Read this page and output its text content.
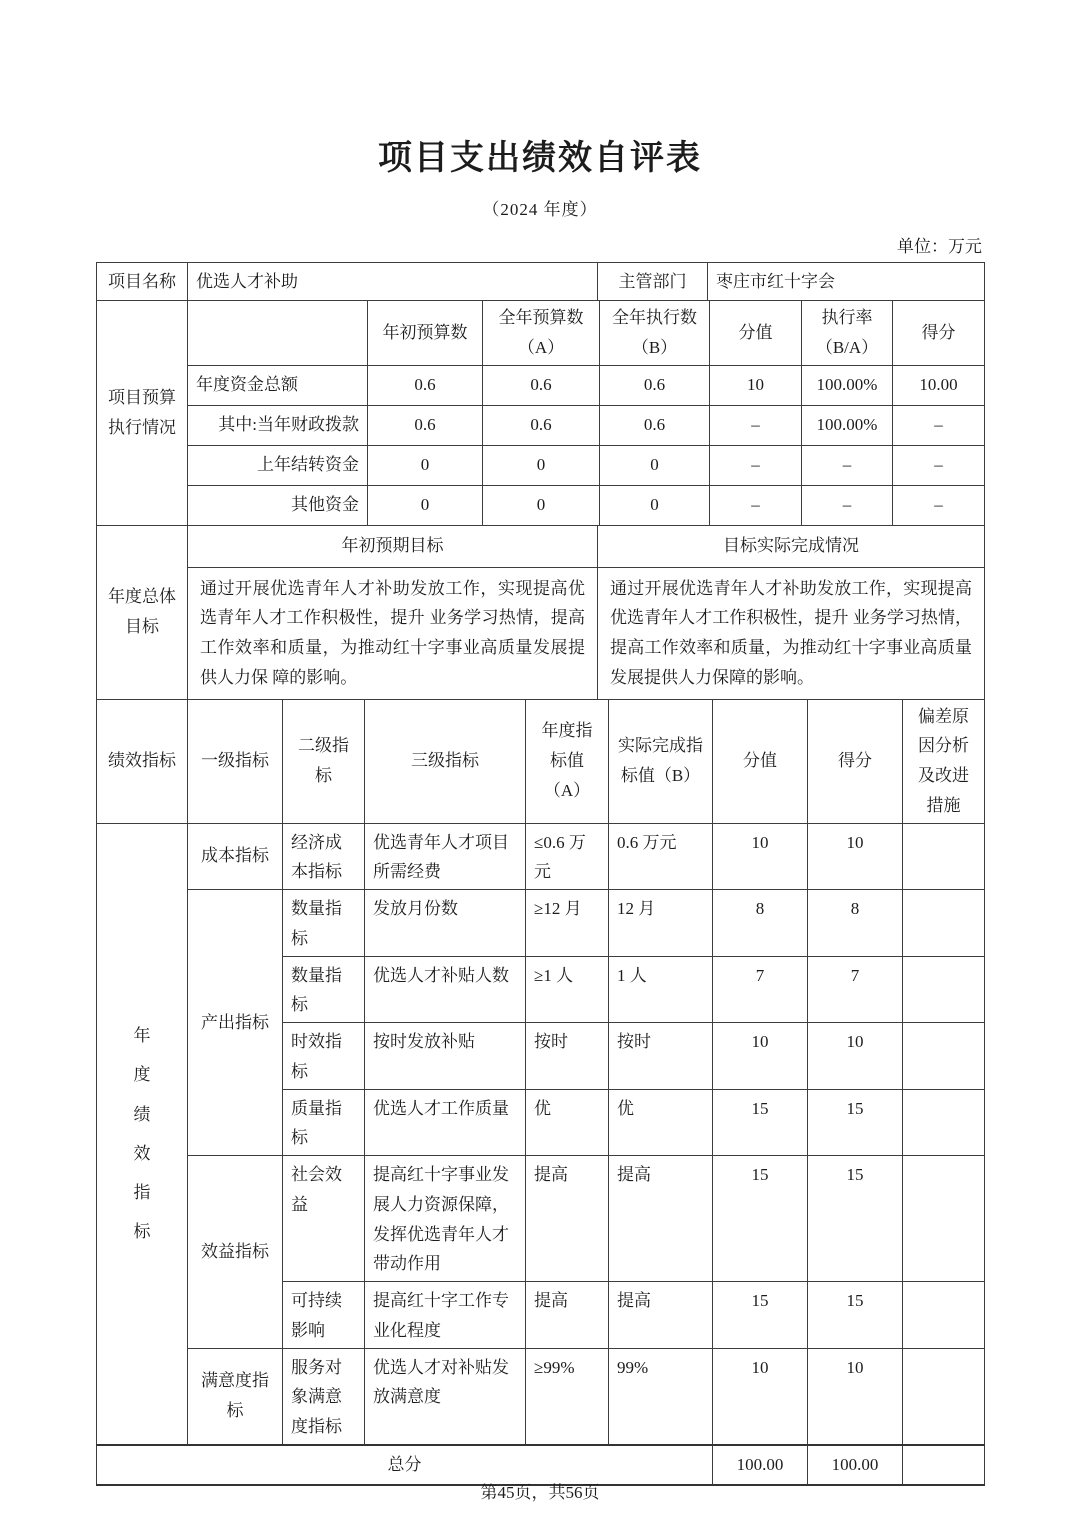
项目支出绩效自评表
（2024 年度）
单位：万元
项目名称	优选人才补助	主管部门	枣庄市红十字会
项目预算执行情况		年初预算数	全年预算数（A）	全年执行数（B）	分值	执行率（B/A）	得分
	年度资金总额	0.6	0.6	0.6	10	100.00%	10.00
	其中:当年财政拨款	0.6	0.6	0.6	–	100.00%	–
	上年结转资金	0	0	0	–	–	–
	其他资金	0	0	0	–	–	–
年度总体目标	年初预期目标	目标实际完成情况
	通过开展优选青年人才补助发放工作，实现提高优选青年人才工作积极性，提升 业务学习热情，提高工作效率和质量，为推动红十字事业高质量发展提供人力保 障的影响。	通过开展优选青年人才补助发放工作，实现提高优选青年人才工作积极性，提升 业务学习热情，提高工作效率和质量，为推动红十字事业高质量发展提供人力保障的影响。
绩效指标	一级指标	二级指标	三级指标	年度指标值（A）	实际完成指标值（B）	分值	得分	偏差原因分析及改进措施

年度绩效指标	成本指标	经济成本指标	优选青年人才项目所需经费	≤0.6 万元	0.6 万元	10	10	
	产出指标	数量指标	发放月份数	≥12 月	12 月	8	8	
		数量指标	优选人才补贴人数	≥1 人	1 人	7	7	
		时效指标	按时发放补贴	按时	按时	10	10	
		质量指标	优选人才工作质量	优	优	15	15	
	效益指标	社会效益	提高红十字事业发展人力资源保障，发挥优选青年人才带动作用	提高	提高	15	15	
		可持续影响	提高红十字工作专业化程度	提高	提高	15	15	
	满意度指标	服务对象满意度指标	优选人才对补贴发放满意度	≥99%	99%	10	10	
总分						100.00	100.00	
第45页，共56页
